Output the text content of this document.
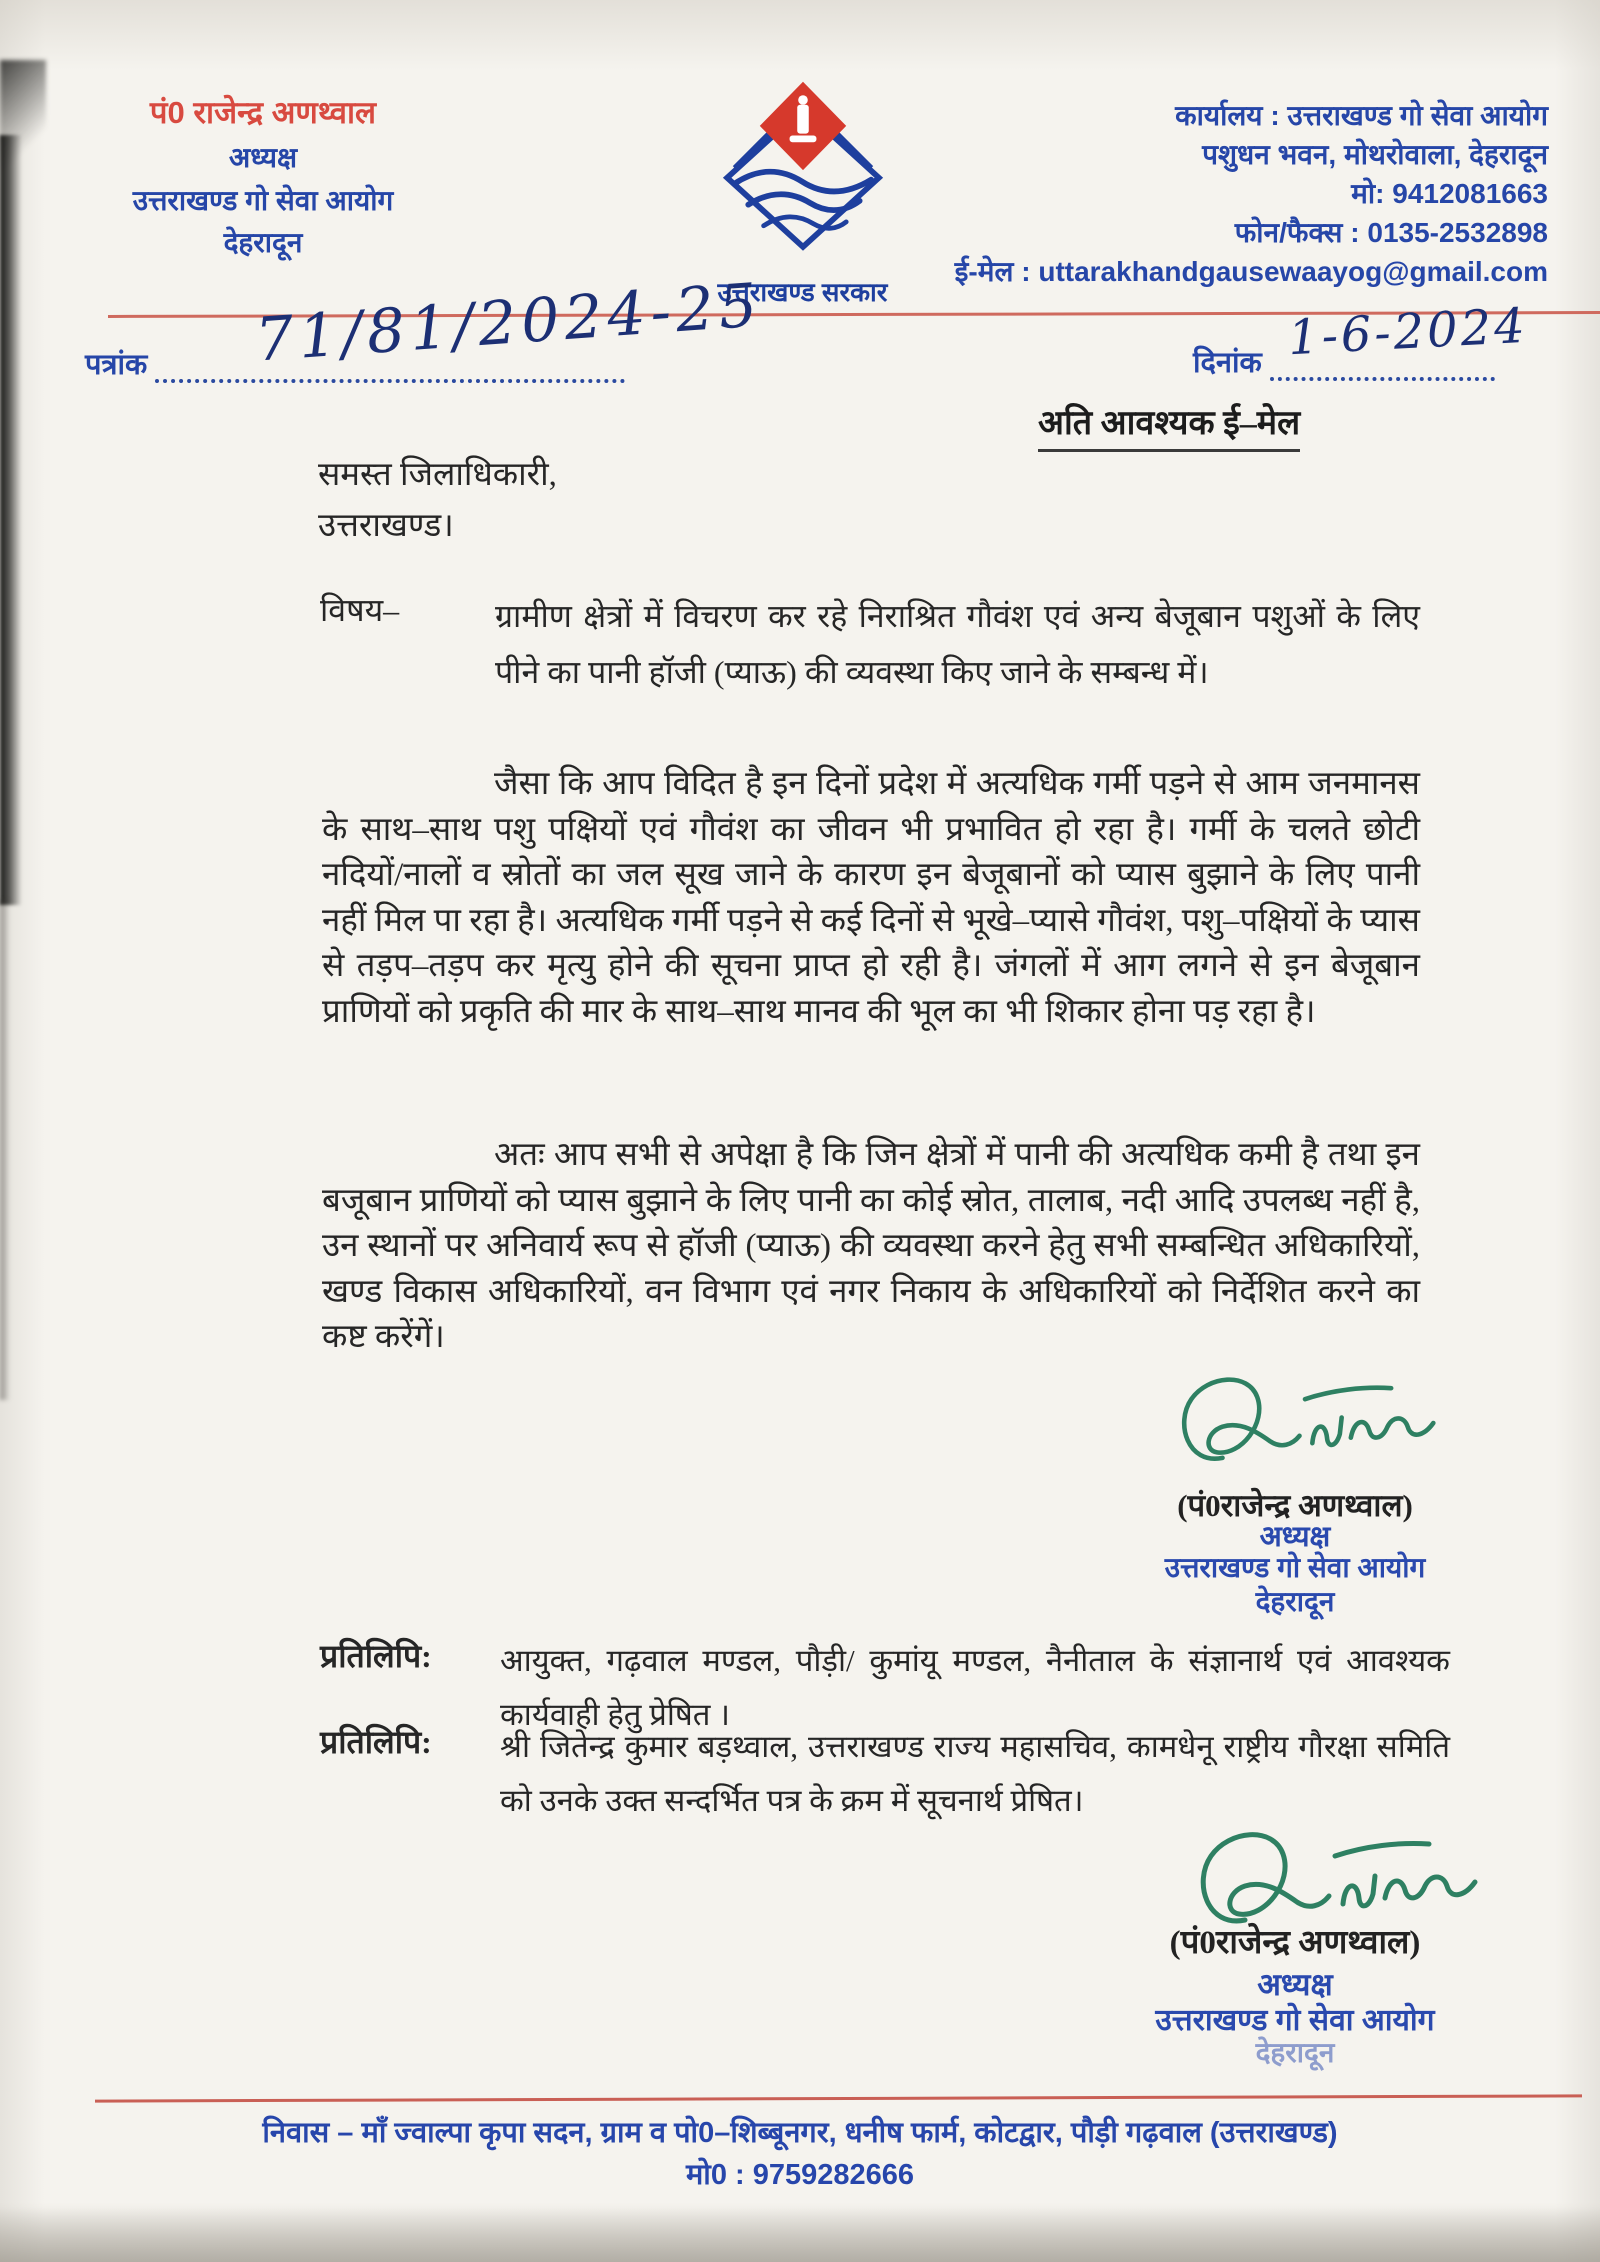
पं0 राजेन्द्र अणथ्वाल
अध्यक्ष
उत्तराखण्ड गो सेवा आयोग
देहरादून
उत्तराखण्ड सरकार
कार्यालय : उत्तराखण्ड गो सेवा आयोग
पशुधन भवन, मोथरोवाला, देहरादून
मो: 9412081663
फोन/फैक्स : 0135-2532898
ई-मेल : uttarakhandgausewaayog@gmail.com
पत्रांक	71/81/2024-25	दिनांक 1-6-2024
अति आवश्यक ई–मेल
समस्त जिलाधिकारी,
उत्तराखण्ड।
विषय–	ग्रामीण क्षेत्रों में विचरण कर रहे निराश्रित गौवंश एवं अन्य बेजूबान पशुओं के लिए पीने का पानी हॉजी (प्याऊ) की व्यवस्था किए जाने के सम्बन्ध में।
जैसा कि आप विदित है इन दिनों प्रदेश में अत्यधिक गर्मी पड़ने से आम जनमानस के साथ–साथ पशु पक्षियों एवं गौवंश का जीवन भी प्रभावित हो रहा है। गर्मी के चलते छोटी नदियों/नालों व स्रोतों का जल सूख जाने के कारण इन बेजूबानों को प्यास बुझाने के लिए पानी नहीं मिल पा रहा है। अत्यधिक गर्मी पड़ने से कई दिनों से भूखे–प्यासे गौवंश, पशु–पक्षियों के प्यास से तड़प–तड़प कर मृत्यु होने की सूचना प्राप्त हो रही है। जंगलों में आग लगने से इन बेजूबान प्राणियों को प्रकृति की मार के साथ–साथ मानव की भूल का भी शिकार होना पड़ रहा है।
अतः आप सभी से अपेक्षा है कि जिन क्षेत्रों में पानी की अत्यधिक कमी है तथा इन बजूबान प्राणियों को प्यास बुझाने के लिए पानी का कोई स्रोत, तालाब, नदी आदि उपलब्ध नहीं है, उन स्थानों पर अनिवार्य रूप से हॉजी (प्याऊ) की व्यवस्था करने हेतु सभी सम्बन्धित अधिकारियों, खण्ड विकास अधिकारियों, वन विभाग एवं नगर निकाय के अधिकारियों को निर्देशित करने का कष्ट करेंगें।
(पं0राजेन्द्र अणथ्वाल)
अध्यक्ष
उत्तराखण्ड गो सेवा आयोग
देहरादून
प्रतिलिपि: आयुक्त, गढ़वाल मण्डल, पौड़ी/ कुमांयू मण्डल, नैनीताल के संज्ञानार्थ एवं आवश्यक कार्यवाही हेतु प्रेषित ।
प्रतिलिपि: श्री जितेन्द्र कुमार बड़थ्वाल, उत्तराखण्ड राज्य महासचिव, कामधेनू राष्ट्रीय गौरक्षा समिति को उनके उक्त सन्दर्भित पत्र के क्रम में सूचनार्थ प्रेषित।
(पं0राजेन्द्र अणथ्वाल)
अध्यक्ष
उत्तराखण्ड गो सेवा आयोग
देहरादून
निवास – माँ ज्वाल्पा कृपा सदन, ग्राम व पो0–शिब्बूनगर, धनीष फार्म, कोटद्वार, पौड़ी गढ़वाल (उत्तराखण्ड)
मो0 : 9759282666
